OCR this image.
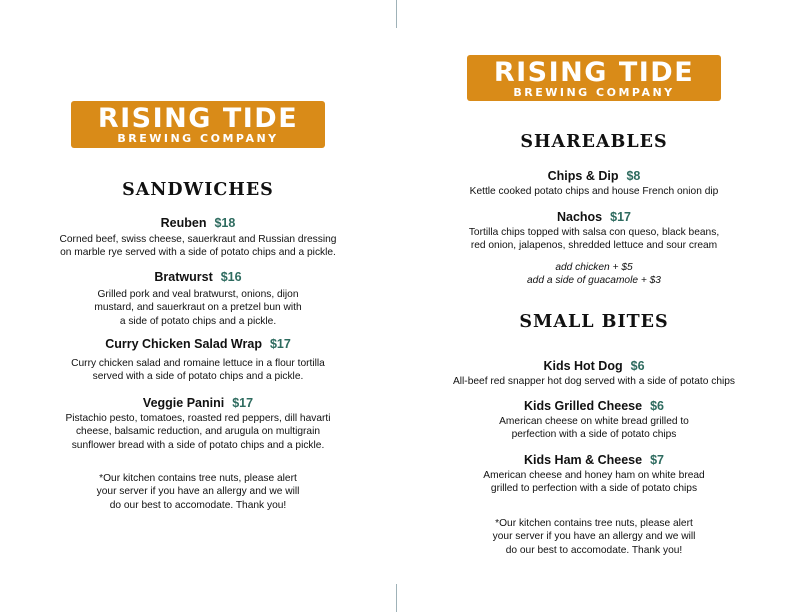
RISING TIDE
BREWING COMPANY
SANDWICHES
Reuben $18
Corned beef, swiss cheese, sauerkraut and Russian dressing
on marble rye served with a side of potato chips and a pickle.
Bratwurst $16
Grilled pork and veal bratwurst, onions, dijon
mustard, and sauerkraut on a pretzel bun with
a side of potato chips and a pickle.
Curry Chicken Salad Wrap $17
Curry chicken salad and romaine lettuce in a flour tortilla
served with a side of potato chips and a pickle.
Veggie Panini $17
Pistachio pesto, tomatoes, roasted red peppers, dill havarti
cheese, balsamic reduction, and arugula on multigrain
sunflower bread with a side of potato chips and a pickle.
*Our kitchen contains tree nuts, please alert
your server if you have an allergy and we will
do our best to accomodate. Thank you!
RISING TIDE
BREWING COMPANY
SHAREABLES
Chips & Dip $8
Kettle cooked potato chips and house French onion dip
Nachos $17
Tortilla chips topped with salsa con queso, black beans,
red onion, jalapenos, shredded lettuce and sour cream
add chicken + $5
add a side of guacamole + $3
SMALL BITES
Kids Hot Dog $6
All-beef red snapper hot dog served with a side of potato chips
Kids Grilled Cheese $6
American cheese on white bread grilled to
perfection with a side of potato chips
Kids Ham & Cheese $7
American cheese and honey ham on white bread
grilled to perfection with a side of potato chips
*Our kitchen contains tree nuts, please alert
your server if you have an allergy and we will
do our best to accomodate. Thank you!
